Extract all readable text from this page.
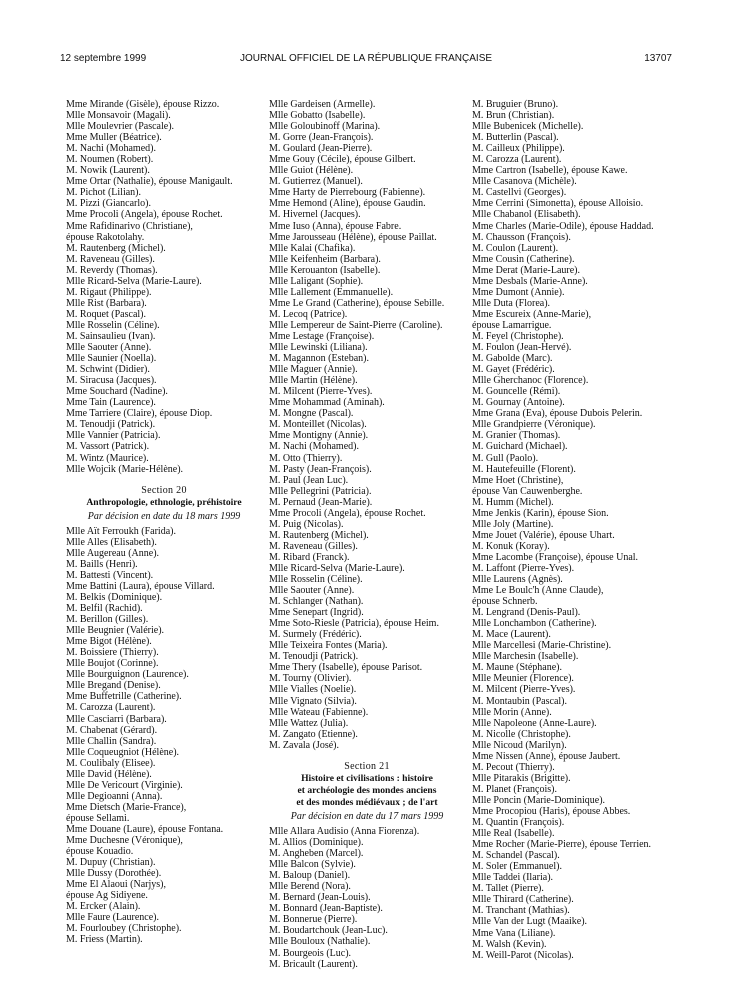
12 septembre 1999	JOURNAL OFFICIEL DE LA RÉPUBLIQUE FRANÇAISE	13707
Mme Mirande (Gisèle), épouse Rizzo.
Mlle Monsavoir (Magali).
Mlle Moulevrier (Pascale).
Mme Muller (Béatrice).
M. Nachi (Mohamed).
M. Noumen (Robert).
M. Nowik (Laurent).
Mme Ortar (Nathalie), épouse Manigault.
M. Pichot (Lilian).
M. Pizzi (Giancarlo).
Mme Procoli (Angela), épouse Rochet.
Mme Rafidinarivo (Christiane),
épouse Rakotolahy.
M. Rautenberg (Michel).
M. Raveneau (Gilles).
M. Reverdy (Thomas).
Mlle Ricard-Selva (Marie-Laure).
M. Rigaut (Philippe).
Mlle Rist (Barbara).
M. Roquet (Pascal).
Mlle Rosselin (Céline).
M. Sainsaulieu (Ivan).
Mlle Saouter (Anne).
Mlle Saunier (Noella).
M. Schwint (Didier).
M. Siracusa (Jacques).
Mme Souchard (Nadine).
Mme Tain (Laurence).
Mme Tarriere (Claire), épouse Diop.
M. Tenoudji (Patrick).
Mlle Vannier (Patricia).
M. Vassort (Patrick).
M. Wintz (Maurice).
Mlle Wojcik (Marie-Hélène).
Section 20
Anthropologie, ethnologie, préhistoire
Par décision en date du 18 mars 1999
Mlle Aït Ferroukh (Farida).
Mlle Alles (Elisabeth).
Mlle Augereau (Anne).
M. Baills (Henri).
M. Battesti (Vincent).
Mme Battini (Laura), épouse Villard.
M. Belkis (Dominique).
M. Belfil (Rachid).
M. Berillon (Gilles).
Mlle Beugnier (Valérie).
Mme Bigot (Hélène).
M. Boissiere (Thierry).
Mlle Boujot (Corinne).
Mlle Bourguignon (Laurence).
Mlle Bregand (Denise).
Mme Buffetrille (Catherine).
M. Carozza (Laurent).
Mlle Casciarri (Barbara).
M. Chabenat (Gérard).
Mlle Challin (Sandra).
Mlle Coqueugniot (Hélène).
M. Coulibaly (Elisee).
Mlle David (Hélène).
Mlle De Vericourt (Virginie).
Mlle Degioanni (Anna).
Mme Dietsch (Marie-France),
épouse Sellami.
Mme Douane (Laure), épouse Fontana.
Mme Duchesne (Véronique),
épouse Kouadio.
M. Dupuy (Christian).
Mlle Dussy (Dorothée).
Mme El Alaoui (Narjys),
épouse Ag Sidiyene.
M. Ercker (Alain).
Mlle Faure (Laurence).
M. Fourloubey (Christophe).
M. Friess (Martin).
Mlle Gardeisen (Armelle).
Mlle Gobatto (Isabelle).
Mlle Goloubinoff (Marina).
M. Gorre (Jean-François).
M. Goulard (Jean-Pierre).
Mme Gouy (Cécile), épouse Gilbert.
Mlle Guiot (Hélène).
M. Gutierrez (Manuel).
Mme Harty de Pierrebourg (Fabienne).
Mme Hemond (Aline), épouse Gaudin.
M. Hivernel (Jacques).
Mme Iuso (Anna), épouse Fabre.
Mme Jarousseau (Hélène), épouse Paillat.
Mlle Kalai (Chafika).
Mlle Keifenheim (Barbara).
Mlle Kerouanton (Isabelle).
Mlle Laligant (Sophie).
Mlle Lallement (Emmanuelle).
Mme Le Grand (Catherine), épouse Sebille.
M. Lecoq (Patrice).
Mlle Lempereur de Saint-Pierre (Caroline).
Mme Lestage (Françoise).
Mlle Lewinski (Liliana).
M. Magannon (Esteban).
Mlle Maguer (Annie).
Mlle Martin (Hélène).
M. Milcent (Pierre-Yves).
Mme Mohammad (Aminah).
M. Mongne (Pascal).
M. Monteillet (Nicolas).
Mme Montigny (Annie).
M. Nachi (Mohamed).
M. Otto (Thierry).
M. Pasty (Jean-François).
M. Paul (Jean Luc).
Mlle Pellegrini (Patricia).
M. Pernaud (Jean-Marie).
Mme Procoli (Angela), épouse Rochet.
M. Puig (Nicolas).
M. Rautenberg (Michel).
M. Raveneau (Gilles).
M. Ribard (Franck).
Mlle Ricard-Selva (Marie-Laure).
Mlle Rosselin (Céline).
Mlle Saouter (Anne).
M. Schlanger (Nathan).
Mme Senepart (Ingrid).
Mme Soto-Riesle (Patricia), épouse Heim.
M. Surmely (Frédéric).
Mlle Teixeira Fontes (Maria).
M. Tenoudji (Patrick).
Mme Thery (Isabelle), épouse Parisot.
M. Tourny (Olivier).
Mlle Vialles (Noelie).
Mlle Vignato (Silvia).
Mlle Wateau (Fabienne).
Mlle Wattez (Julia).
M. Zangato (Etienne).
M. Zavala (José).
Section 21
Histoire et civilisations : histoire
et archéologie des mondes anciens
et des mondes médiévaux ; de l'art
Par décision en date du 17 mars 1999
Mlle Allara Audisio (Anna Fiorenza).
M. Allios (Dominique).
M. Angheben (Marcel).
Mlle Balcon (Sylvie).
M. Baloup (Daniel).
Mlle Berend (Nora).
M. Bernard (Jean-Louis).
M. Bonnard (Jean-Baptiste).
M. Bonnerue (Pierre).
M. Boudartchouk (Jean-Luc).
Mlle Bouloux (Nathalie).
M. Bourgeois (Luc).
M. Bricault (Laurent).
M. Bruguier (Bruno).
M. Brun (Christian).
Mlle Bubenicek (Michelle).
M. Butterlin (Pascal).
M. Cailleux (Philippe).
M. Carozza (Laurent).
Mme Cartron (Isabelle), épouse Kawe.
Mlle Casanova (Michèle).
M. Castellvi (Georges).
Mme Cerrini (Simonetta), épouse Alloisio.
Mlle Chabanol (Elisabeth).
Mme Charles (Marie-Odile), épouse Haddad.
M. Chausson (François).
M. Coulon (Laurent).
Mme Cousin (Catherine).
Mme Derat (Marie-Laure).
Mme Desbals (Marie-Anne).
Mme Dumont (Annie).
Mlle Duta (Florea).
Mme Escureix (Anne-Marie),
épouse Lamarrigue.
M. Feyel (Christophe).
M. Foulon (Jean-Hervé).
M. Gabolde (Marc).
M. Gayet (Frédéric).
Mlle Gherchanoc (Florence).
M. Gouncelle (Rémi).
M. Gournay (Antoine).
Mme Grana (Eva), épouse Dubois Pelerin.
Mlle Grandpierre (Véronique).
M. Granier (Thomas).
M. Guichard (Michael).
M. Gull (Paolo).
M. Hautefeuille (Florent).
Mme Hoet (Christine),
épouse Van Cauwenberghe.
M. Humm (Michel).
Mme Jenkis (Karin), épouse Sion.
Mlle Joly (Martine).
Mme Jouet (Valérie), épouse Uhart.
M. Konuk (Koray).
Mme Lacombe (Françoise), épouse Unal.
M. Laffont (Pierre-Yves).
Mlle Laurens (Agnès).
Mme Le Boulc'h (Anne Claude),
épouse Schnerb.
M. Lengrand (Denis-Paul).
Mlle Lonchambon (Catherine).
M. Mace (Laurent).
Mlle Marcellesi (Marie-Christine).
Mlle Marchesin (Isabelle).
M. Maune (Stéphane).
Mlle Meunier (Florence).
M. Milcent (Pierre-Yves).
M. Montaubin (Pascal).
Mlle Morin (Anne).
Mlle Napoleone (Anne-Laure).
M. Nicolle (Christophe).
Mlle Nicoud (Marilyn).
Mme Nissen (Anne), épouse Jaubert.
M. Pecout (Thierry).
Mlle Pitarakis (Brigitte).
M. Planet (François).
Mlle Poncin (Marie-Dominique).
Mme Procopiou (Haris), épouse Abbes.
M. Quantin (François).
Mlle Real (Isabelle).
Mme Rocher (Marie-Pierre), épouse Terrien.
M. Schandel (Pascal).
M. Soler (Emmanuel).
Mlle Taddei (Ilaria).
M. Tallet (Pierre).
Mlle Thirard (Catherine).
M. Tranchant (Mathias).
Mlle Van der Lugt (Maaike).
Mme Vana (Liliane).
M. Walsh (Kevin).
M. Weill-Parot (Nicolas).
